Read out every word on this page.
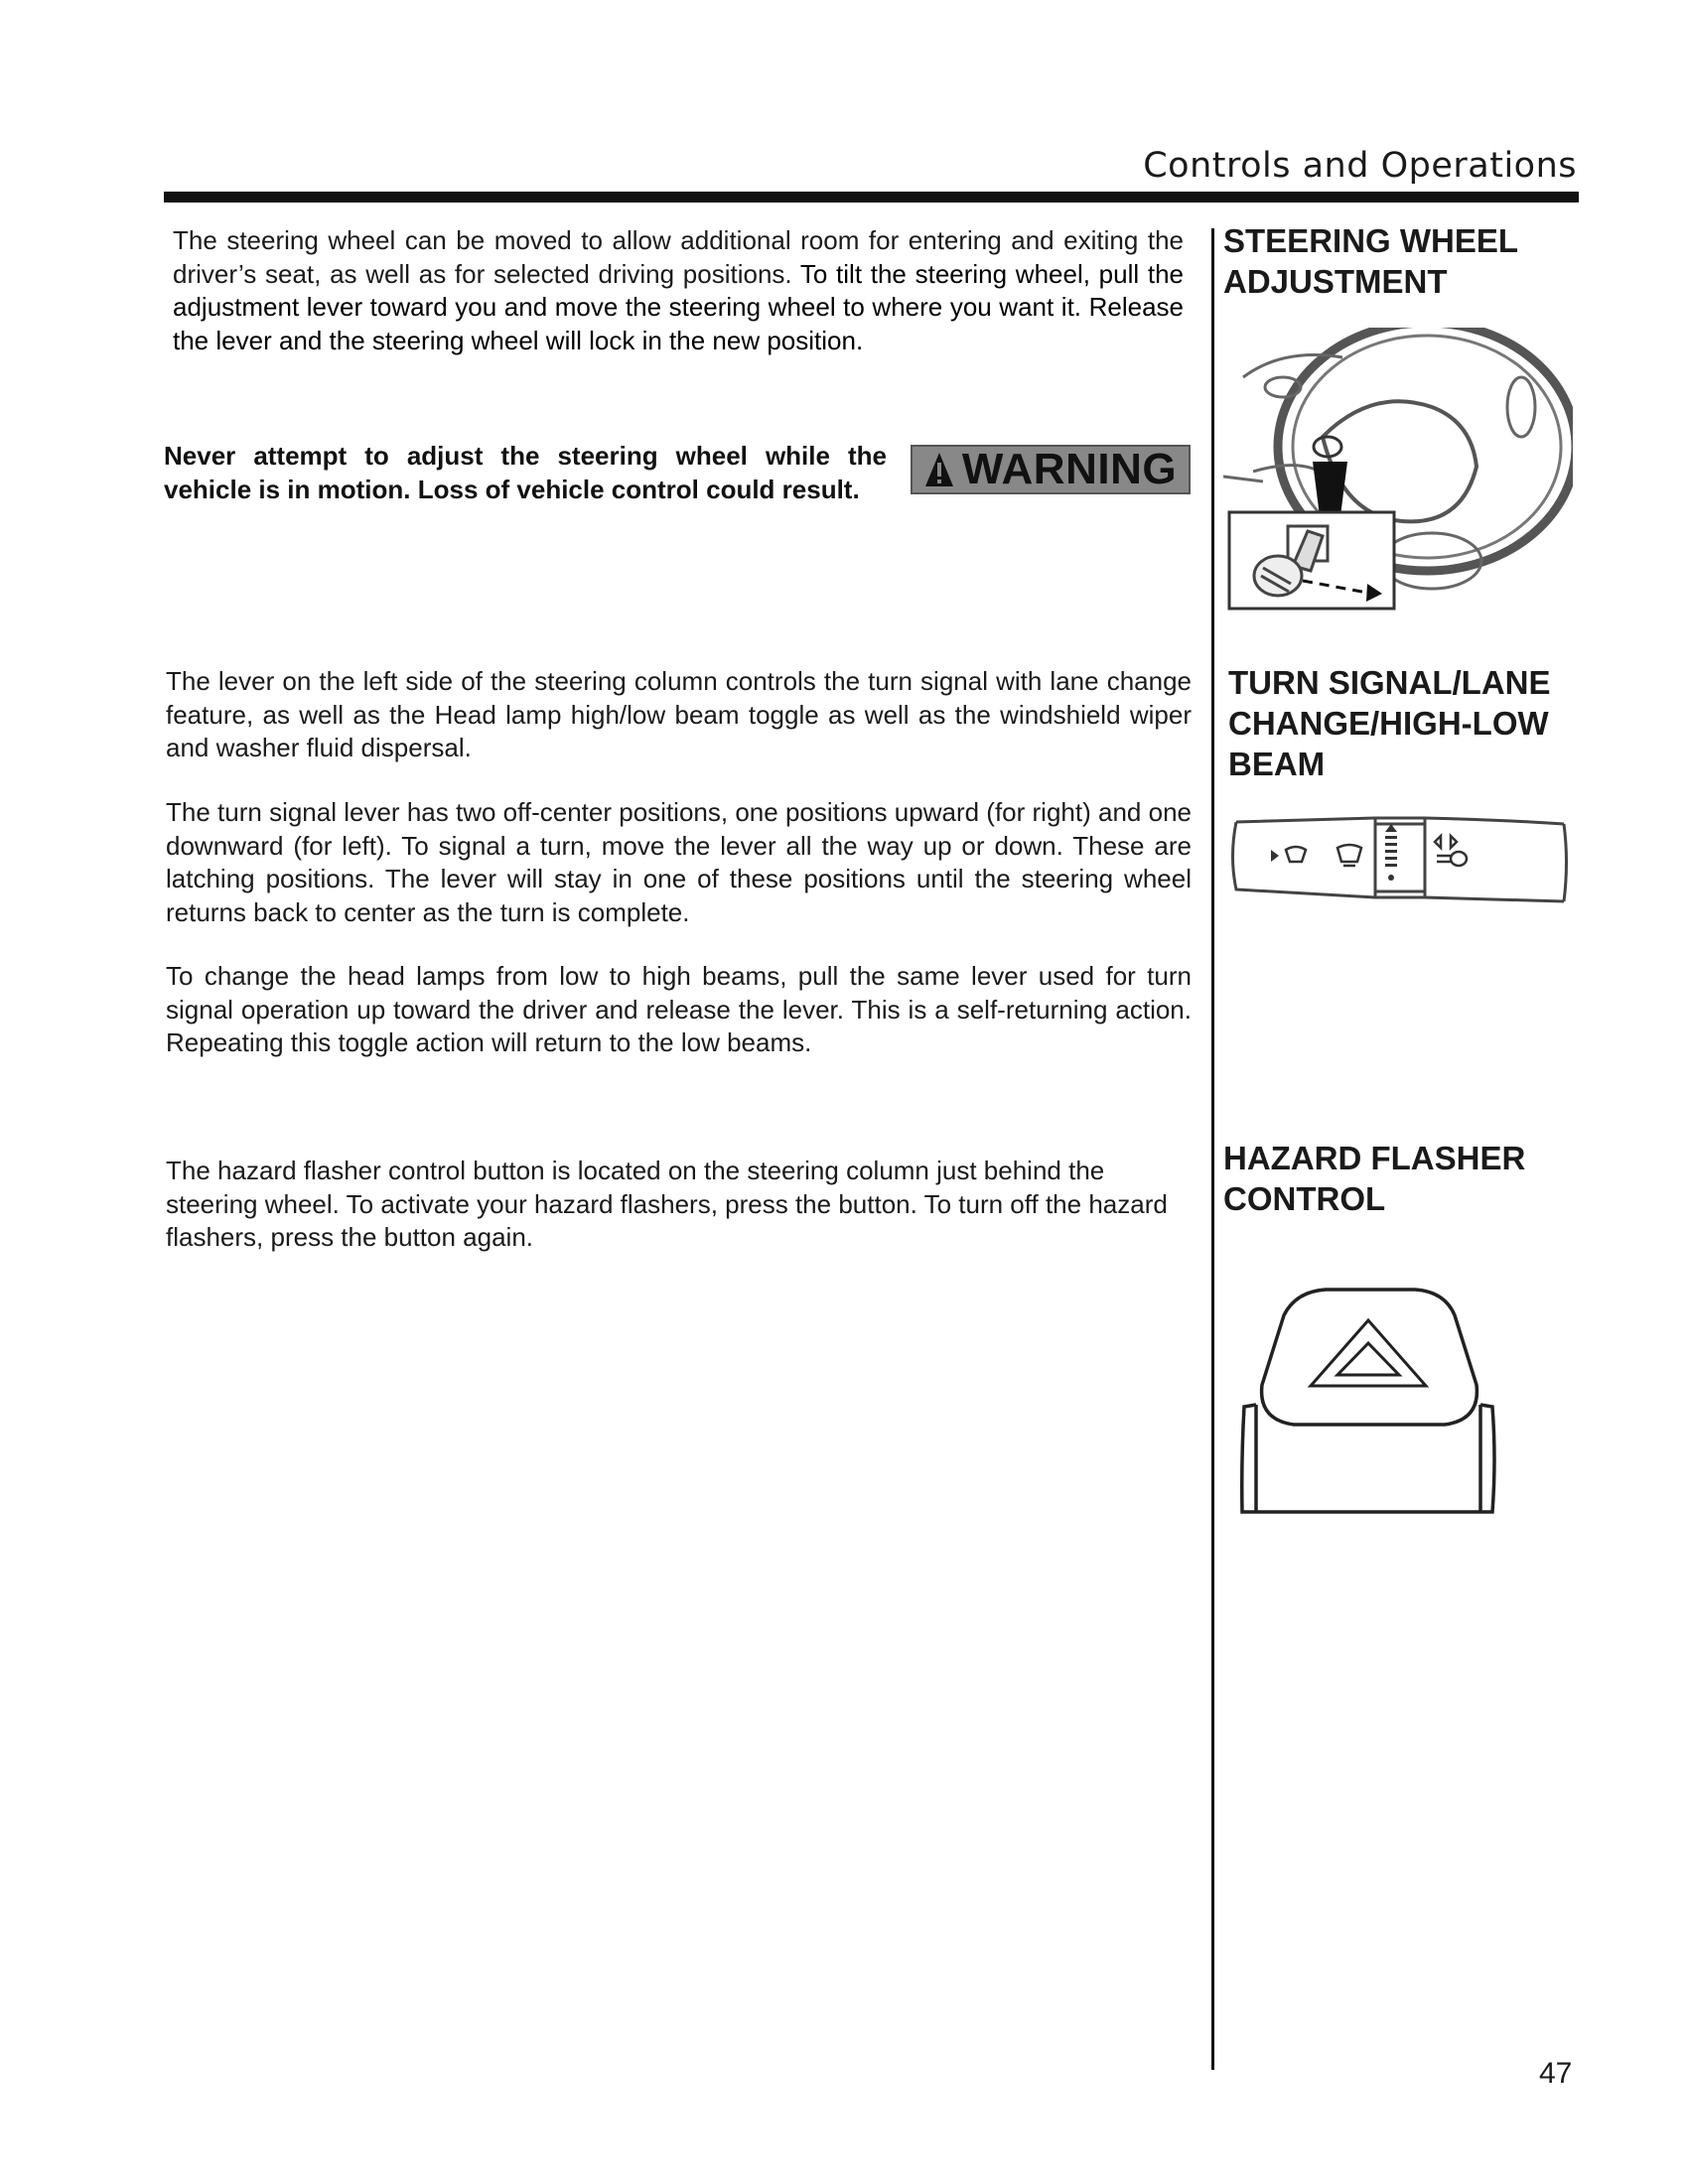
Controls and Operations
The steering wheel can be moved to allow additional room for entering and exiting the driver’s seat, as well as for selected driving positions. To tilt the steering wheel, pull the adjustment lever toward you and move the steering wheel to where you want it. Release the lever and the steering wheel will lock in the new position.
STEERING WHEEL
ADJUSTMENT
Never attempt to adjust the steering wheel while the vehicle is in motion. Loss of vehicle control could result.	WARNING
The lever on the left side of the steering column controls the turn signal with lane change feature, as well as the Head lamp high/low beam toggle as well as the windshield wiper and washer fluid dispersal.
The turn signal lever has two off-center positions, one positions upward (for right) and one downward (for left). To signal a turn, move the lever all the way up or down. These are latching positions. The lever will stay in one of these positions until the steering wheel returns back to center as the turn is complete.
To change the head lamps from low to high beams, pull the same lever used for turn signal operation up toward the driver and release the lever. This is a self-returning action. Repeating this toggle action will return to the low beams.
TURN SIGNAL/LANE
CHANGE/HIGH-LOW
BEAM
The hazard flasher control button is located on the steering column just behind the steering wheel. To activate your hazard flashers, press the button. To turn off the hazard flashers, press the button again.
HAZARD FLASHER
CONTROL
47
